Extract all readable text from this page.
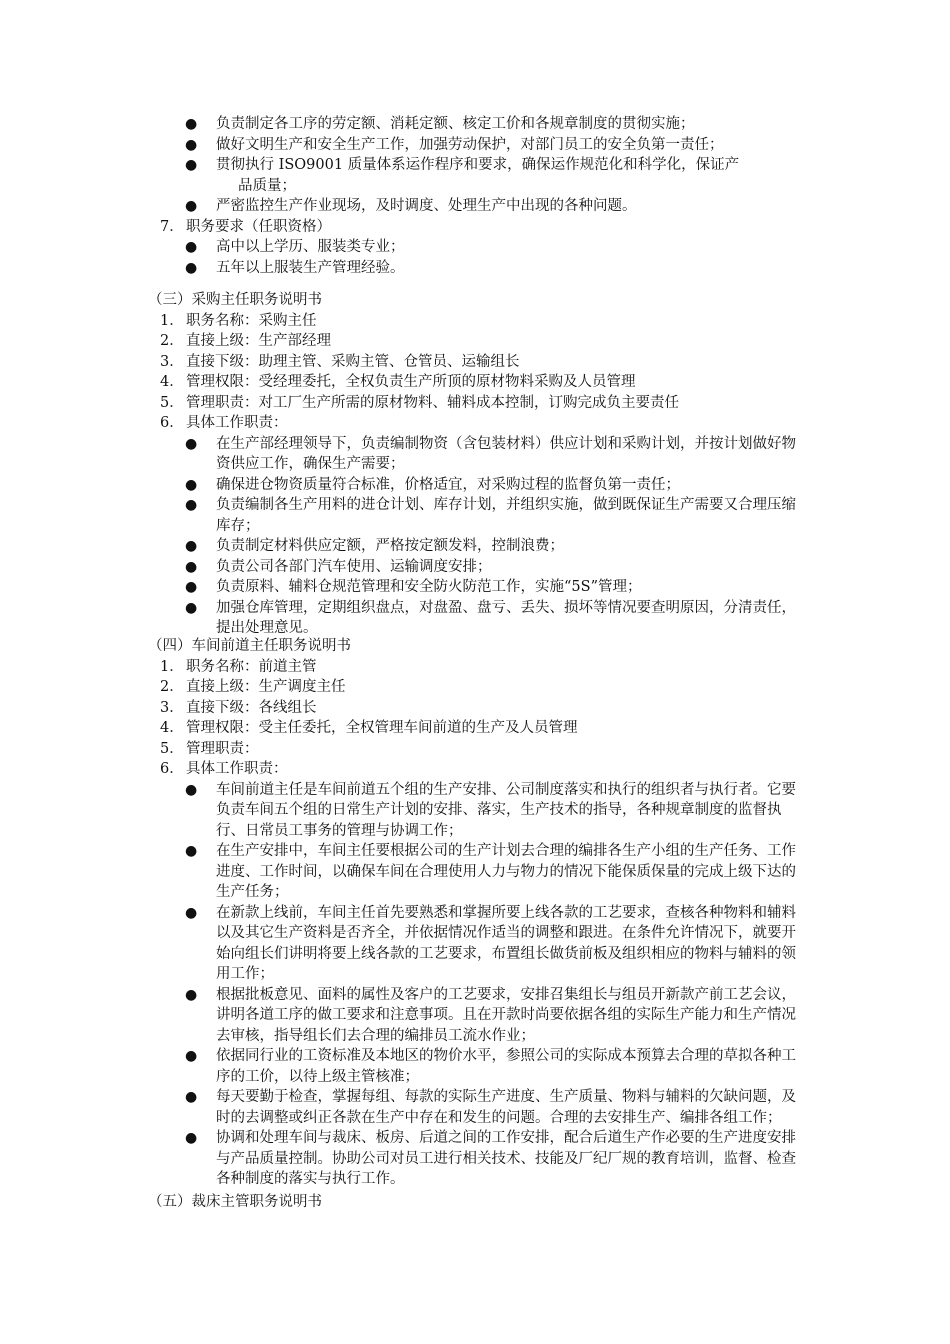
● 负责制定各工序的劳定额、消耗定额、核定工价和各规章制度的贯彻实施；
● 做好文明生产和安全生产工作，加强劳动保护，对部门员工的安全负第一责任；
● 贯彻执行 ISO9001 质量体系运作程序和要求，确保运作规范化和科学化，保证产
品质量；
● 严密监控生产作业现场，及时调度、处理生产中出现的各种问题。

7． 职务要求（任职资格）

● 高中以上学历、服装类专业；
● 五年以上服装生产管理经验。

（三）采购主任职务说明书

1． 职务名称：采购主任

2． 直接上级：生产部经理

3． 直接下级：助理主管、采购主管、仓管员、运输组长

4． 管理权限：受经理委托，全权负责生产所顶的原材物料采购及人员管理

5． 管理职责：对工厂生产所需的原材物料、辅料成本控制，订购完成负主要责任

6． 具体工作职责：

● 在生产部经理领导下，负责编制物资（含包装材料）供应计划和采购计划，并按计划做好物资供应工作，确保生产需要；
● 确保进仓物资质量符合标准，价格适宜，对采购过程的监督负第一责任；
● 负责编制各生产用料的进仓计划、库存计划，并组织实施，做到既保证生产需要又合理压缩库存；
● 负责制定材料供应定额，严格按定额发料，控制浪费；
● 负责公司各部门汽车使用、运输调度安排；
● 负责原料、辅料仓规范管理和安全防火防范工作，实施“5S”管理；
● 加强仓库管理，定期组织盘点，对盘盈、盘亏、丢失、损坏等情况要查明原因，分清责任，提出处理意见。

（四）车间前道主任职务说明书

1． 职务名称：前道主管

2． 直接上级：生产调度主任

3． 直接下级：各线组长

4． 管理权限：受主任委托，全权管理车间前道的生产及人员管理

5． 管理职责：

6． 具体工作职责：

● 车间前道主任是车间前道五个组的生产安排、公司制度落实和执行的组织者与执行者。它要负责车间五个组的日常生产计划的安排、落实，生产技术的指导，各种规章制度的监督执行、日常员工事务的管理与协调工作；
● 在生产安排中，车间主任要根据公司的生产计划去合理的编排各生产小组的生产任务、工作进度、工作时间，以确保车间在合理使用人力与物力的情况下能保质保量的完成上级下达的生产任务；
● 在新款上线前，车间主任首先要熟悉和掌握所要上线各款的工艺要求，查核各种物料和辅料以及其它生产资料是否齐全，并依据情况作适当的调整和跟进。在条件允许情况下，就要开始向组长们讲明将要上线各款的工艺要求，布置组长做货前板及组织相应的物料与辅料的领用工作；
● 根据批板意见、面料的属性及客户的工艺要求，安排召集组长与组员开新款产前工艺会议，讲明各道工序的做工要求和注意事项。且在开款时尚要依据各组的实际生产能力和生产情况去审核，指导组长们去合理的编排员工流水作业；
● 依据同行业的工资标准及本地区的物价水平，参照公司的实际成本预算去合理的草拟各种工序的工价，以待上级主管核准；
● 每天要勤于检查，掌握每组、每款的实际生产进度、生产质量、物料与辅料的欠缺问题，及时的去调整或纠正各款在生产中存在和发生的问题。合理的去安排生产、编排各组工作；
● 协调和处理车间与裁床、板房、后道之间的工作安排，配合后道生产作必要的生产进度安排与产品质量控制。协助公司对员工进行相关技术、技能及厂纪厂规的教育培训，监督、检查各种制度的落实与执行工作。

（五）裁床主管职务说明书
